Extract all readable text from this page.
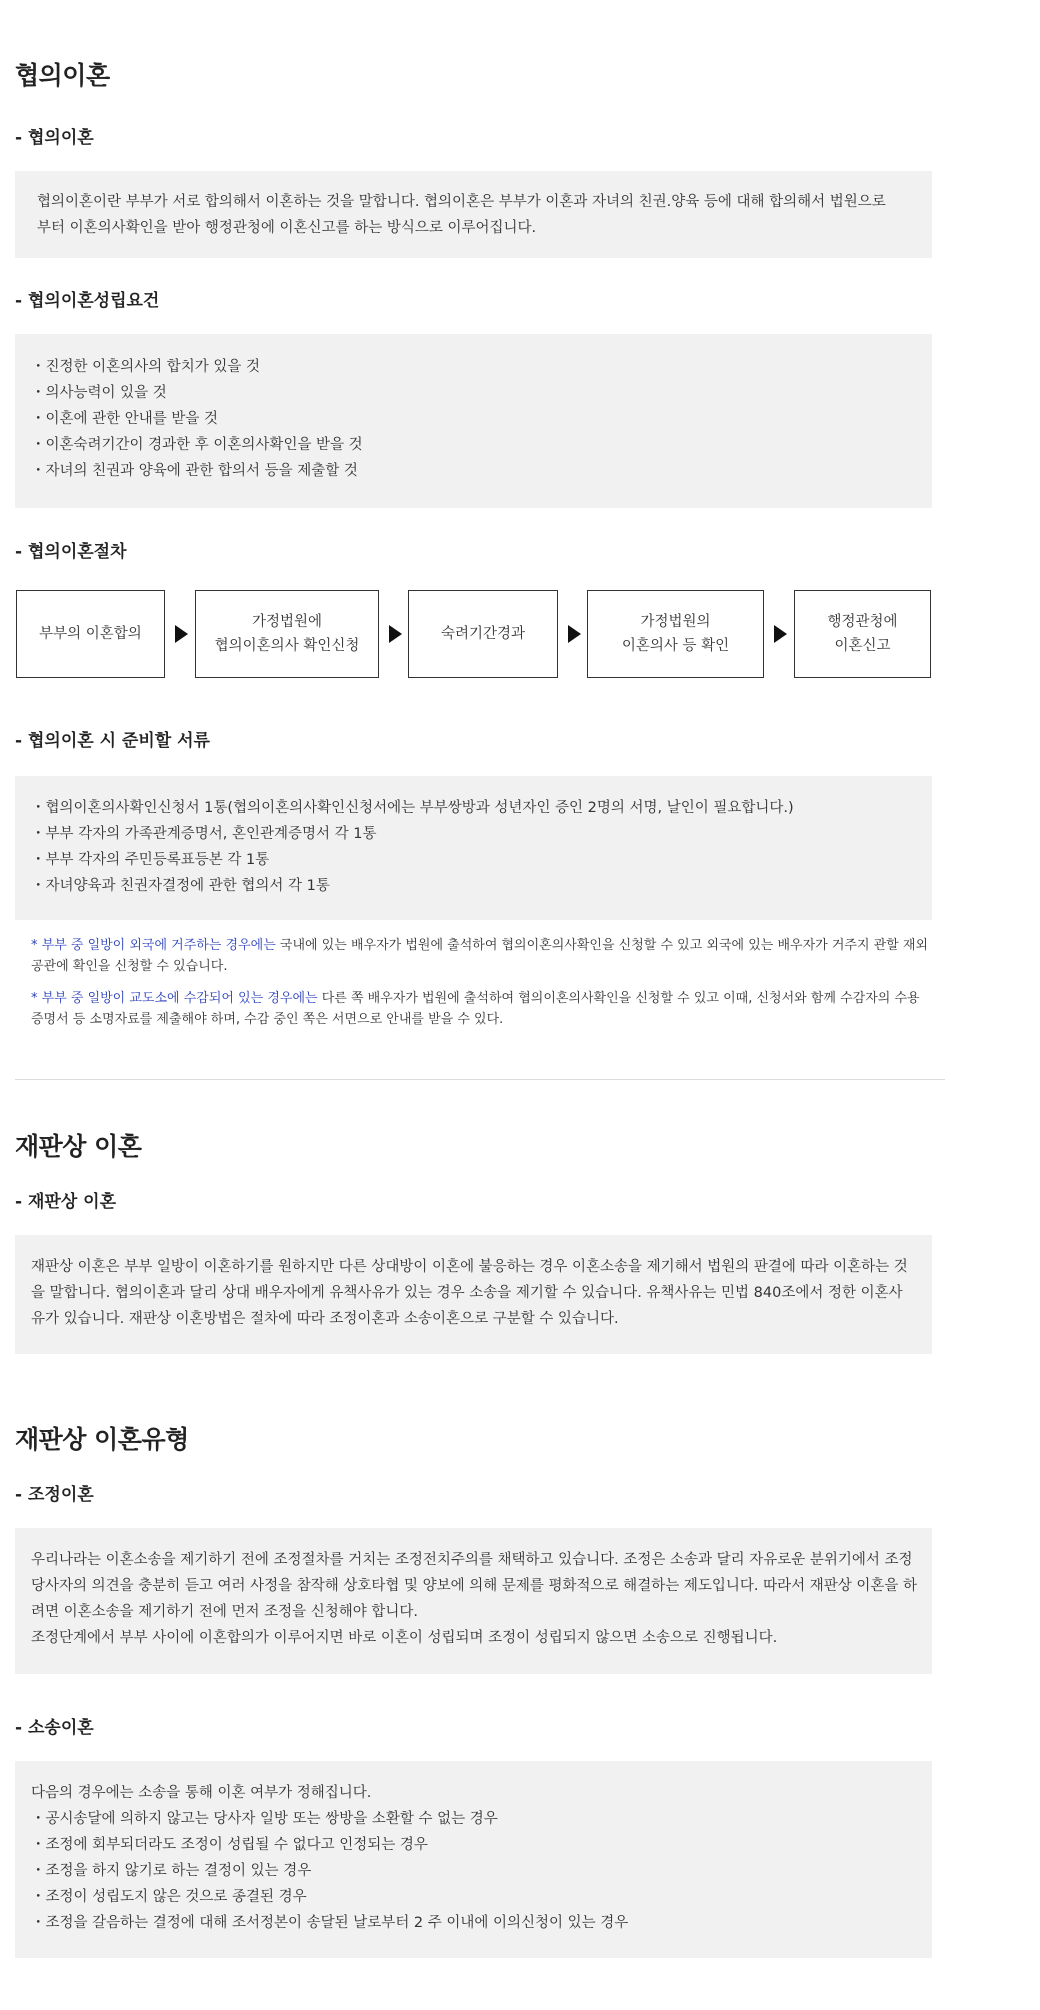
협의이혼
- 협의이혼

협의이혼이란 부부가 서로 합의해서 이혼하는 것을 말합니다. 협의이혼은 부부가 이혼과 자녀의 친권.양육 등에 대해 합의해서 법원으로 부터 이혼의사확인을 받아 행정관청에 이혼신고를 하는 방식으로 이루어집니다.

- 협의이혼성립요건
・ 진정한 이혼의사의 합치가 있을 것
・ 의사능력이 있을 것
・ 이혼에 관한 안내를 받을 것
・ 이혼숙려기간이 경과한 후 이혼의사확인을 받을 것
・ 자녀의 친권과 양육에 관한 합의서 등을 제출할 것
- 협의이혼절차
부부의 이혼합의
가정법원에
협의이혼의사 확인신청
숙려기간경과
가정법원의
이혼의사 등 확인
행정관청에
이혼신고
- 협의이혼 시 준비할 서류
・ 협의이혼의사확인신청서 1통(협의이혼의사확인신청서에는 부부쌍방과 성년자인 증인 2명의 서명, 날인이 필요합니다.)
・ 부부 각자의 가족관계증명서, 혼인관계증명서 각 1통
・ 부부 각자의 주민등록표등본 각 1통
・ 자녀양육과 친권자결정에 관한 협의서 각 1통

* 부부 중 일방이 외국에 거주하는 경우에는 국내에 있는 배우자가 법원에 출석하여 협의이혼의사확인을 신청할 수 있고 외국에 있는 배우자가 거주지 관할 재외공관에 확인을 신청할 수 있습니다.

* 부부 중 일방이 교도소에 수감되어 있는 경우에는 다른 쪽 배우자가 법원에 출석하여 협의이혼의사확인을 신청할 수 있고 이때, 신청서와 함께 수감자의 수용증명서 등 소명자료를 제출해야 하며, 수감 중인 쪽은 서면으로 안내를 받을 수 있다.

재판상 이혼
- 재판상 이혼

재판상 이혼은 부부 일방이 이혼하기를 원하지만 다른 상대방이 이혼에 불응하는 경우 이혼소송을 제기해서 법원의 판결에 따라 이혼하는 것을 말합니다. 협의이혼과 달리 상대 배우자에게 유책사유가 있는 경우 소송을 제기할 수 있습니다. 유책사유는 민법 840조에서 정한 이혼사유가 있습니다. 재판상 이혼방법은 절차에 따라 조정이혼과 소송이혼으로 구분할 수 있습니다.

재판상 이혼유형
- 조정이혼

우리나라는 이혼소송을 제기하기 전에 조정절차를 거치는 조정전치주의를 채택하고 있습니다. 조정은 소송과 달리 자유로운 분위기에서 조정당사자의 의견을 충분히 듣고 여러 사정을 참작해 상호타협 및 양보에 의해 문제를 평화적으로 해결하는 제도입니다. 따라서 재판상 이혼을 하려면 이혼소송을 제기하기 전에 먼저 조정을 신청해야 합니다.

조정단계에서 부부 사이에 이혼합의가 이루어지면 바로 이혼이 성립되며 조정이 성립되지 않으면 소송으로 진행됩니다.

- 소송이혼

다음의 경우에는 소송을 통해 이혼 여부가 정해집니다.

・ 공시송달에 의하지 않고는 당사자 일방 또는 쌍방을 소환할 수 없는 경우
・ 조정에 회부되더라도 조정이 성립될 수 없다고 인정되는 경우
・ 조정을 하지 않기로 하는 결정이 있는 경우
・ 조정이 성립도지 않은 것으로 종결된 경우
・ 조정을 갈음하는 결정에 대해 조서정본이 송달된 날로부터 2 주 이내에 이의신청이 있는 경우
